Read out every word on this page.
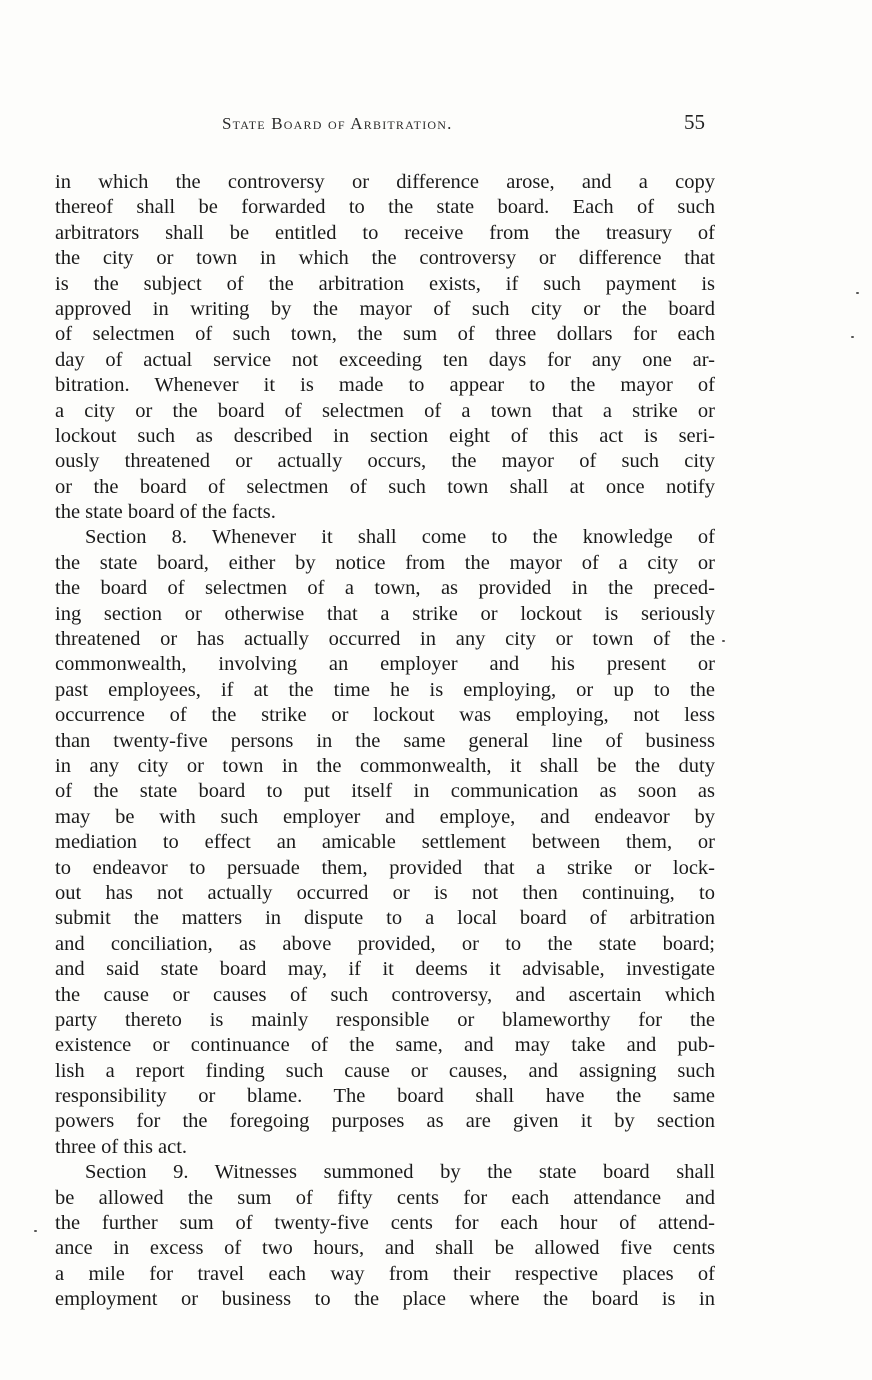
State Board of Arbitration.	55
in which the controversy or difference arose, and a copy
thereof shall be forwarded to the state board. Each of such
arbitrators shall be entitled to receive from the treasury of
the city or town in which the controversy or difference that
is the subject of the arbitration exists, if such payment is
approved in writing by the mayor of such city or the board
of selectmen of such town, the sum of three dollars for each
day of actual service not exceeding ten days for any one ar-
bitration. Whenever it is made to appear to the mayor of
a city or the board of selectmen of a town that a strike or
lockout such as described in section eight of this act is seri-
ously threatened or actually occurs, the mayor of such city
or the board of selectmen of such town shall at once notify
the state board of the facts.
Section 8. Whenever it shall come to the knowledge of
the state board, either by notice from the mayor of a city or
the board of selectmen of a town, as provided in the preced-
ing section or otherwise that a strike or lockout is seriously
threatened or has actually occurred in any city or town of the
commonwealth, involving an employer and his present or
past employees, if at the time he is employing, or up to the
occurrence of the strike or lockout was employing, not less
than twenty-five persons in the same general line of business
in any city or town in the commonwealth, it shall be the duty
of the state board to put itself in communication as soon as
may be with such employer and employe, and endeavor by
mediation to effect an amicable settlement between them, or
to endeavor to persuade them, provided that a strike or lock-
out has not actually occurred or is not then continuing, to
submit the matters in dispute to a local board of arbitration
and conciliation, as above provided, or to the state board;
and said state board may, if it deems it advisable, investigate
the cause or causes of such controversy, and ascertain which
party thereto is mainly responsible or blameworthy for the
existence or continuance of the same, and may take and pub-
lish a report finding such cause or causes, and assigning such
responsibility or blame. The board shall have the same
powers for the foregoing purposes as are given it by section
three of this act.
Section 9. Witnesses summoned by the state board shall
be allowed the sum of fifty cents for each attendance and
the further sum of twenty-five cents for each hour of attend-
ance in excess of two hours, and shall be allowed five cents
a mile for travel each way from their respective places of
employment or business to the place where the board is in
